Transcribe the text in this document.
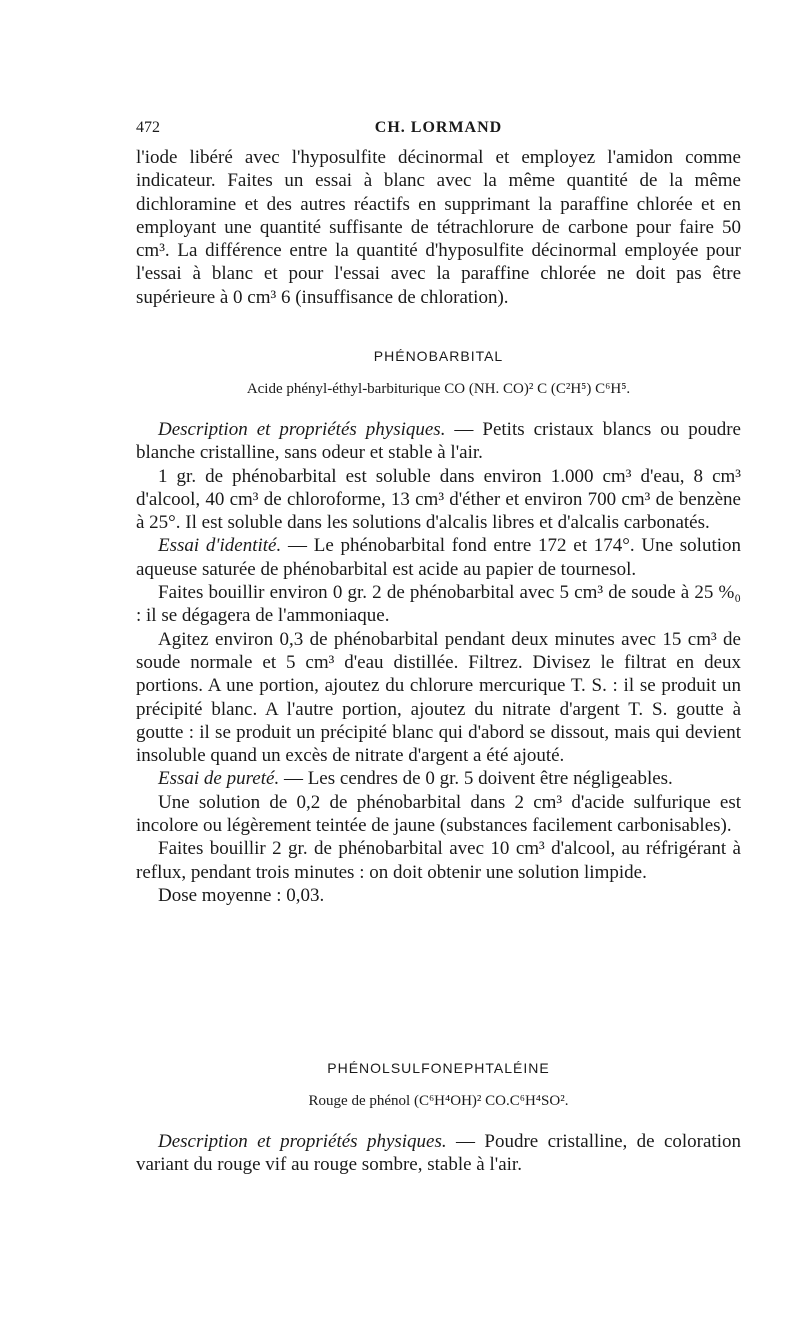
472	CH. LORMAND

l'iode libéré avec l'hyposulfite décinormal et employez l'amidon comme indicateur. Faites un essai à blanc avec la même quantité de la même dichloramine et des autres réactifs en supprimant la paraffine chlorée et en employant une quantité suffisante de tétrachlorure de carbone pour faire 50 cm³. La différence entre la quantité d'hyposulfite décinormal employée pour l'essai à blanc et pour l'essai avec la paraffine chlorée ne doit pas être supérieure à 0 cm³ 6 (insuffisance de chloration).

PHÉNOBARBITAL
Acide phényl-éthyl-barbiturique CO (NH. CO)² C (C²H⁵) C⁶H⁵.

Description et propriétés physiques. — Petits cristaux blancs ou poudre blanche cristalline, sans odeur et stable à l'air.

1 gr. de phénobarbital est soluble dans environ 1.000 cm³ d'eau, 8 cm³ d'alcool, 40 cm³ de chloroforme, 13 cm³ d'éther et environ 700 cm³ de benzène à 25°. Il est soluble dans les solutions d'alcalis libres et d'alcalis carbonatés.

Essai d'identité. — Le phénobarbital fond entre 172 et 174°. Une solution aqueuse saturée de phénobarbital est acide au papier de tournesol.

Faites bouillir environ 0 gr. 2 de phénobarbital avec 5 cm³ de soude à 25 %₀ : il se dégagera de l'ammoniaque.

Agitez environ 0,3 de phénobarbital pendant deux minutes avec 15 cm³ de soude normale et 5 cm³ d'eau distillée. Filtrez. Divisez le filtrat en deux portions. A une portion, ajoutez du chlorure mercurique T. S. : il se produit un précipité blanc. A l'autre portion, ajoutez du nitrate d'argent T. S. goutte à goutte : il se produit un précipité blanc qui d'abord se dissout, mais qui devient insoluble quand un excès de nitrate d'argent a été ajouté.

Essai de pureté. — Les cendres de 0 gr. 5 doivent être négligeables.

Une solution de 0,2 de phénobarbital dans 2 cm³ d'acide sulfurique est incolore ou légèrement teintée de jaune (substances facilement carbonisables).

Faites bouillir 2 gr. de phénobarbital avec 10 cm³ d'alcool, au réfrigérant à reflux, pendant trois minutes : on doit obtenir une solution limpide.

Dose moyenne : 0,03.

PHÉNOLSULFONEPHTALÉINE
Rouge de phénol (C⁶H⁴OH)² CO.C⁶H⁴SO².

Description et propriétés physiques. — Poudre cristalline, de coloration variant du rouge vif au rouge sombre, stable à l'air.
